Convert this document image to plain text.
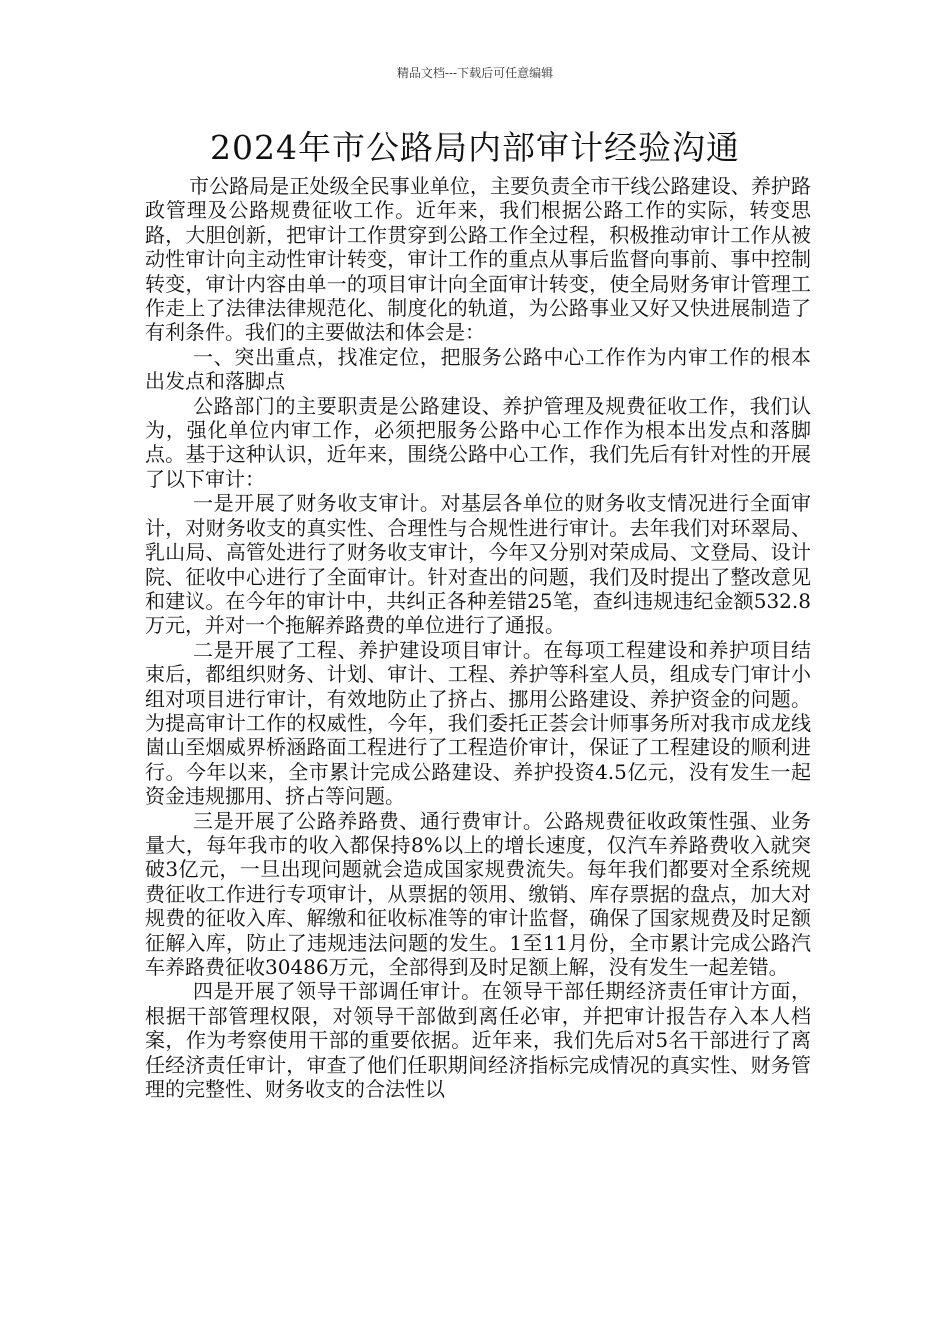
精品文档---下载后可任意编辑
2024年市公路局内部审计经验沟通

市公路局是正处级全民事业单位，主要负责全市干线公路建设、养护路政管理及公路规费征收工作。近年来，我们根据公路工作的实际，转变思路，大胆创新，把审计工作贯穿到公路工作全过程，积极推动审计工作从被动性审计向主动性审计转变，审计工作的重点从事后监督向事前、事中控制转变，审计内容由单一的项目审计向全面审计转变，使全局财务审计管理工作走上了法律法律规范化、制度化的轨道，为公路事业又好又快进展制造了有利条件。我们的主要做法和体会是：

一、突出重点，找准定位，把服务公路中心工作作为内审工作的根本出发点和落脚点

公路部门的主要职责是公路建设、养护管理及规费征收工作，我们认为，强化单位内审工作，必须把服务公路中心工作作为根本出发点和落脚点。基于这种认识，近年来，围绕公路中心工作，我们先后有针对性的开展了以下审计：

一是开展了财务收支审计。对基层各单位的财务收支情况进行全面审计，对财务收支的真实性、合理性与合规性进行审计。去年我们对环翠局、乳山局、高管处进行了财务收支审计，今年又分别对荣成局、文登局、设计院、征收中心进行了全面审计。针对查出的问题，我们及时提出了整改意见和建议。在今年的审计中，共纠正各种差错25笔，查纠违规违纪金额532.8万元，并对一个拖解养路费的单位进行了通报。

二是开展了工程、养护建设项目审计。在每项工程建设和养护项目结束后，都组织财务、计划、审计、工程、养护等科室人员，组成专门审计小组对项目进行审计，有效地防止了挤占、挪用公路建设、养护资金的问题。为提高审计工作的权威性，今年，我们委托正荟会计师事务所对我市成龙线崮山至烟威界桥涵路面工程进行了工程造价审计，保证了工程建设的顺利进行。今年以来，全市累计完成公路建设、养护投资4.5亿元，没有发生一起资金违规挪用、挤占等问题。

三是开展了公路养路费、通行费审计。公路规费征收政策性强、业务量大，每年我市的收入都保持8%以上的增长速度，仅汽车养路费收入就突破3亿元，一旦出现问题就会造成国家规费流失。每年我们都要对全系统规费征收工作进行专项审计，从票据的领用、缴销、库存票据的盘点，加大对规费的征收入库、解缴和征收标准等的审计监督，确保了国家规费及时足额征解入库，防止了违规违法问题的发生。1至11月份，全市累计完成公路汽车养路费征收30486万元，全部得到及时足额上解，没有发生一起差错。

四是开展了领导干部调任审计。在领导干部任期经济责任审计方面，根据干部管理权限，对领导干部做到离任必审，并把审计报告存入本人档案，作为考察使用干部的重要依据。近年来，我们先后对5名干部进行了离任经济责任审计，审查了他们任职期间经济指标完成情况的真实性、财务管理的完整性、财务收支的合法性以
